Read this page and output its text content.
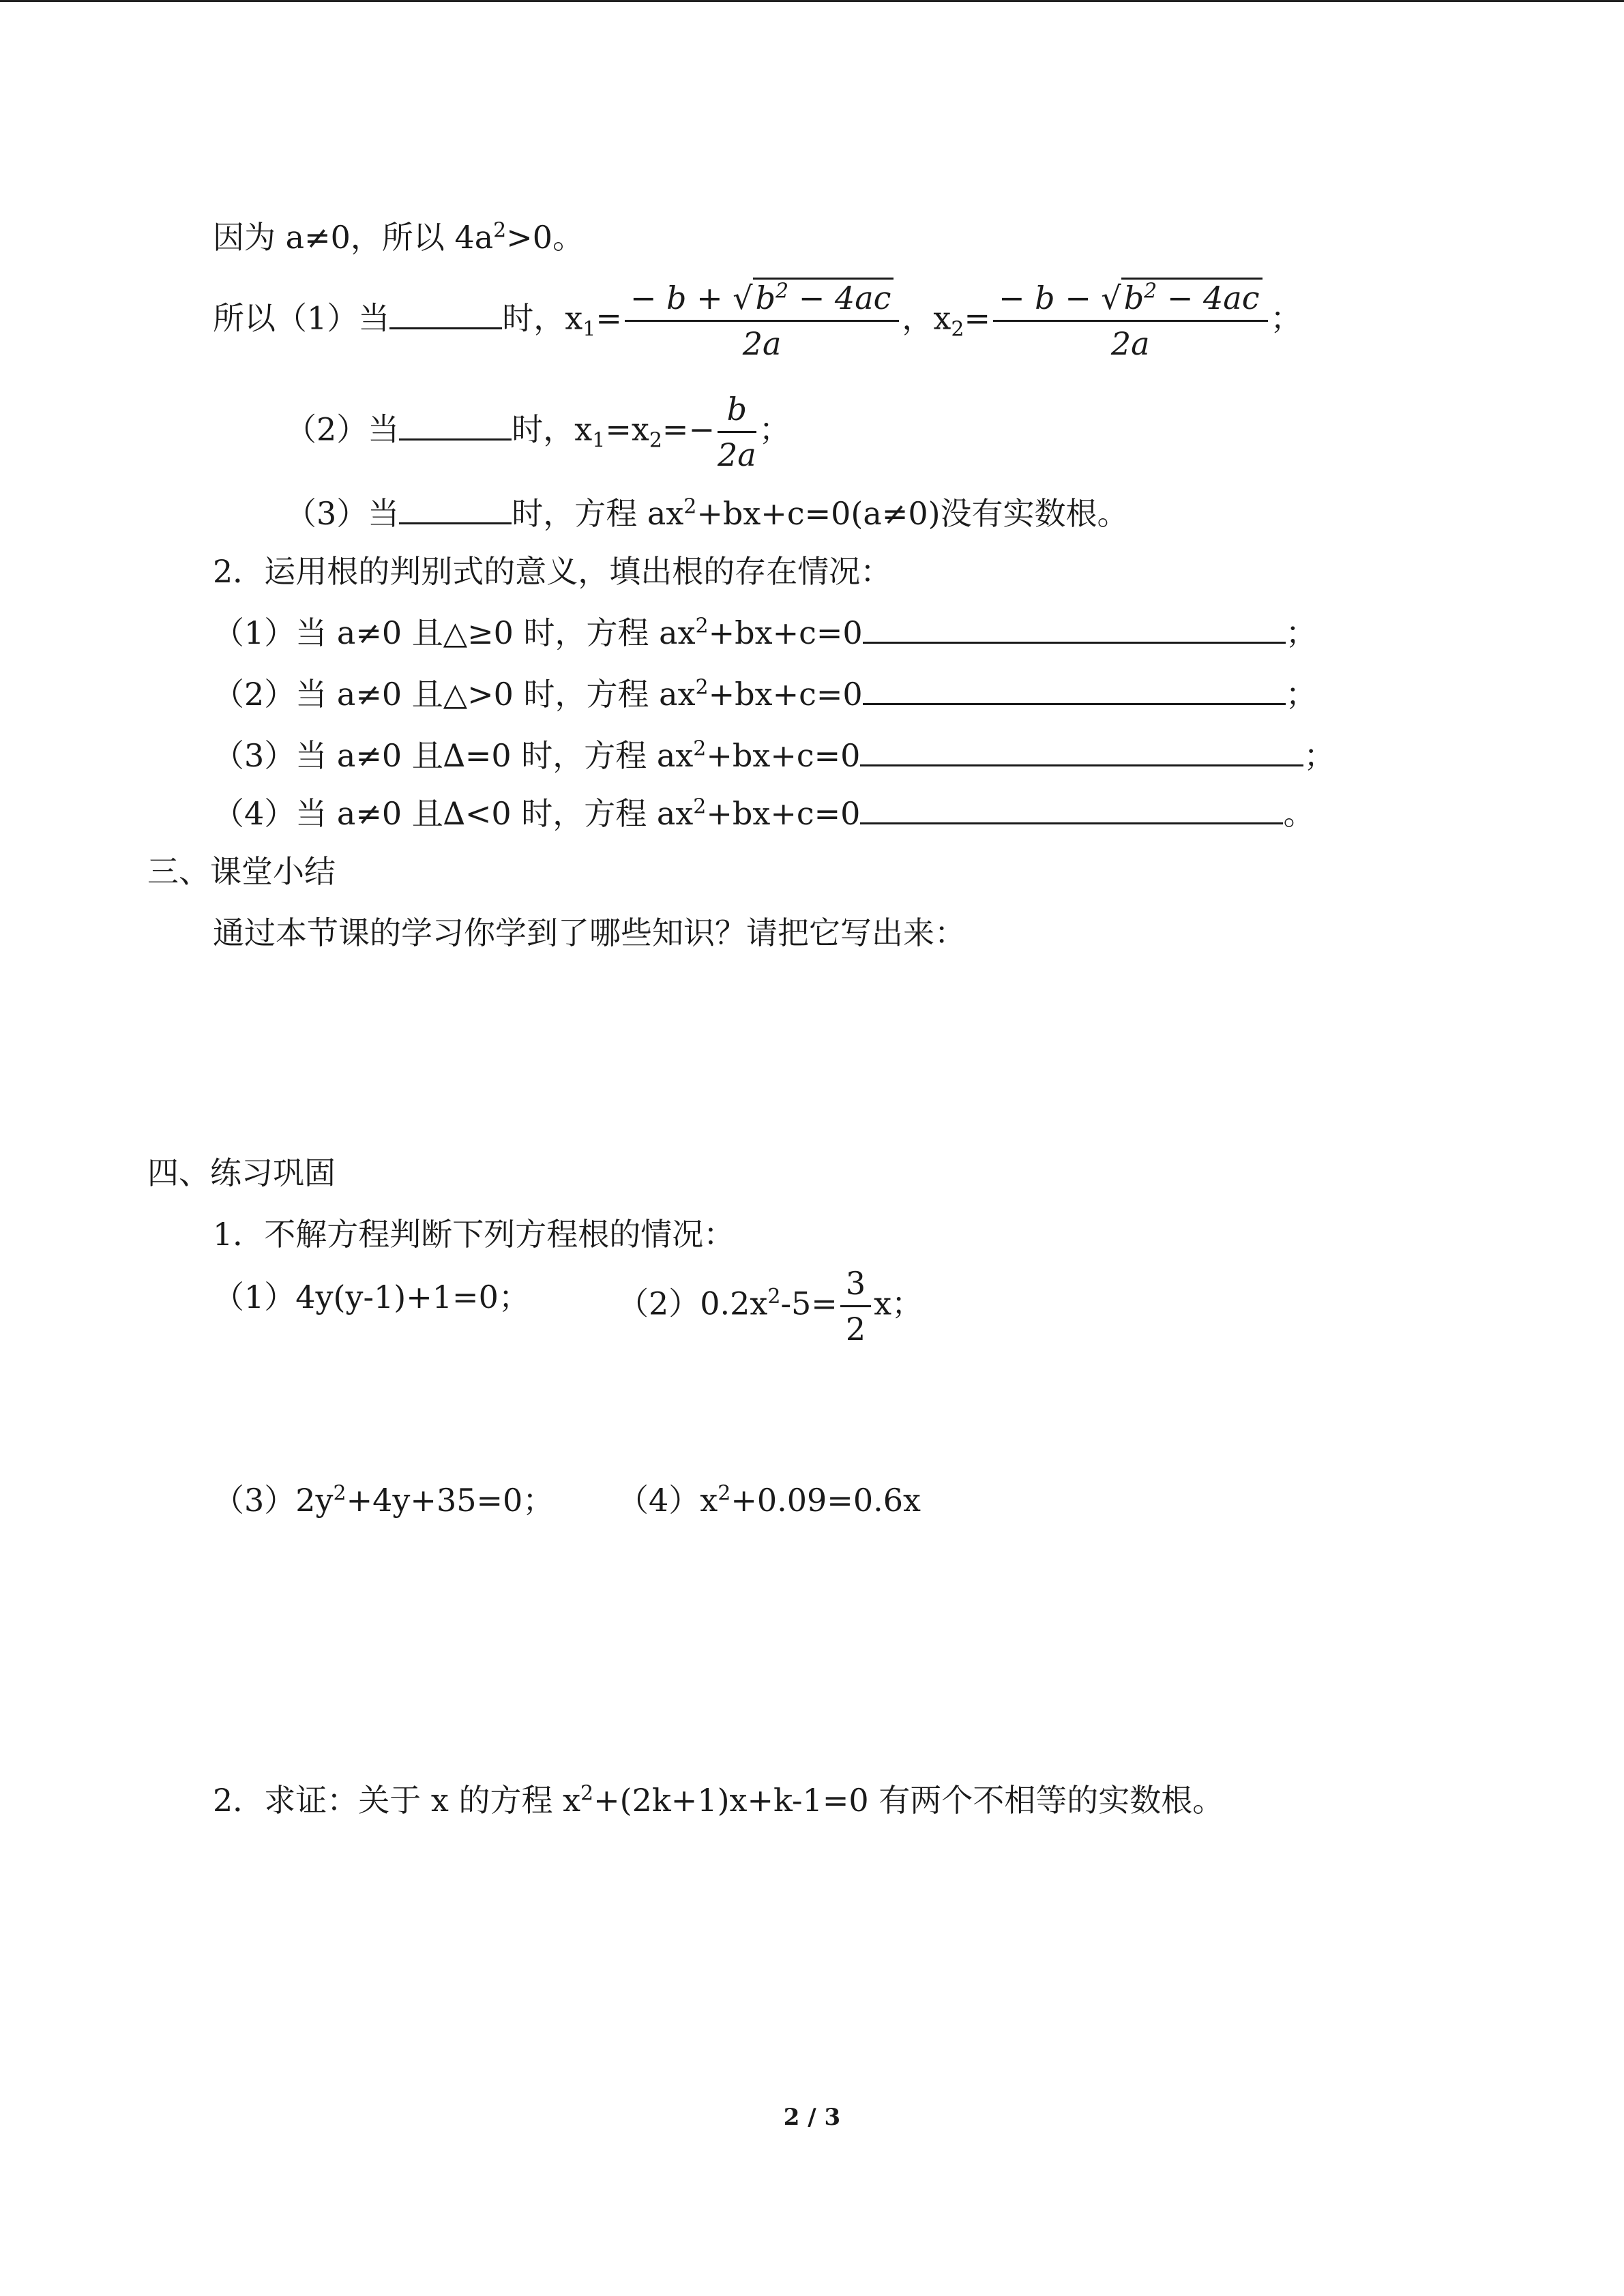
因为 a≠0，所以 $4a^2>0$。
所以（1）当	时，$x_1= \frac{- b + √b^2 - 4ac}{2a}$ ，$x_2= \frac{- b - √b^2 - 4ac}{2a}$ ；
（2）当	时，$x_1=x_2=- \frac{b}{2a}$ ；
（3）当	时，方程 $ax^2+bx+c=0(a\ne 0)$没有实数根。
2．运用根的判别式的意义，填出根的存在情况：
（1）当 a≠0 且△≥0 时，方程 $ax^2+bx+c=0$	；
（2）当 a≠0 且△>0 时，方程 $ax^2+bx+c=0$	；
（3）当 a≠0 且∆=0 时，方程 $ax^2+bx+c=0$	；
（4）当 a≠0 且∆<0 时，方程 $ax^2+bx+c=0$	。
三、课堂小结
通过本节课的学习你学到了哪些知识？请把它写出来：
四、练习巩固
1．不解方程判断下列方程根的情况：
（1）4y(y-1)+1=0；	$(2)0.2x^2-5= \frac{3}{2}$ x；
$(3)2y^2+4y+35=0$； $(4)x^2+0.09=0.6x$
2．求证：关于 x 的方程 $x^2+(2k+1)x+k-1=0$ 有两个不相等的实数根。
2 / 3
